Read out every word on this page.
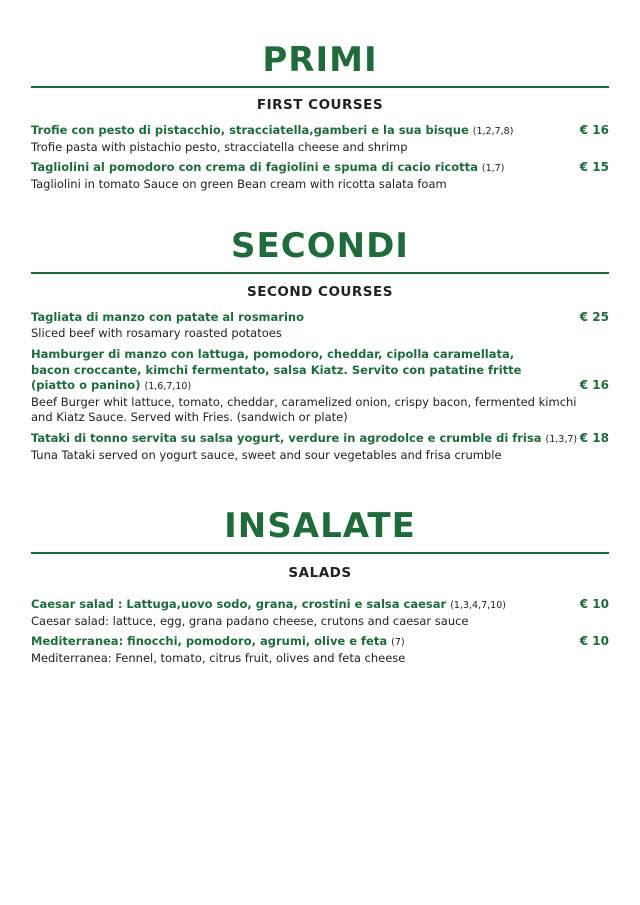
PRIMI
FIRST COURSES
Trofie con pesto di pistacchio, stracciatella,gamberi e la sua bisque (1,2,7,8)
Trofie pasta with pistachio pesto, stracciatella cheese and shrimp
€ 16
Tagliolini al pomodoro con crema di fagiolini e spuma di cacio ricotta (1,7)
Tagliolini in tomato Sauce on green Bean cream with ricotta salata foam
€ 15
SECONDI
SECOND COURSES
Tagliata di manzo con patate al rosmarino
Sliced beef with rosamary roasted potatoes
€ 25
Hamburger di manzo con lattuga, pomodoro, cheddar, cipolla caramellata,
bacon croccante, kimchi fermentato, salsa Kiatz. Servito con patatine fritte
(piatto o panino) (1,6,7,10)
Beef Burger whit lattuce, tomato, cheddar, caramelized onion, crispy bacon, fermented kimchi
and Kiatz Sauce. Served with Fries. (sandwich or plate)
€ 16
Tataki di tonno servita su salsa yogurt, verdure in agrodolce e crumble di frisa (1,3,7)
Tuna Tataki served on yogurt sauce, sweet and sour vegetables and frisa crumble
€ 18
INSALATE
SALADS
Caesar salad : Lattuga,uovo sodo, grana, crostini e salsa caesar (1,3,4,7,10)
Caesar salad: lattuce, egg, grana padano cheese, crutons and caesar sauce
€ 10
Mediterranea: finocchi, pomodoro, agrumi, olive e feta (7)
Mediterranea: Fennel, tomato, citrus fruit, olives and feta cheese
€ 10
